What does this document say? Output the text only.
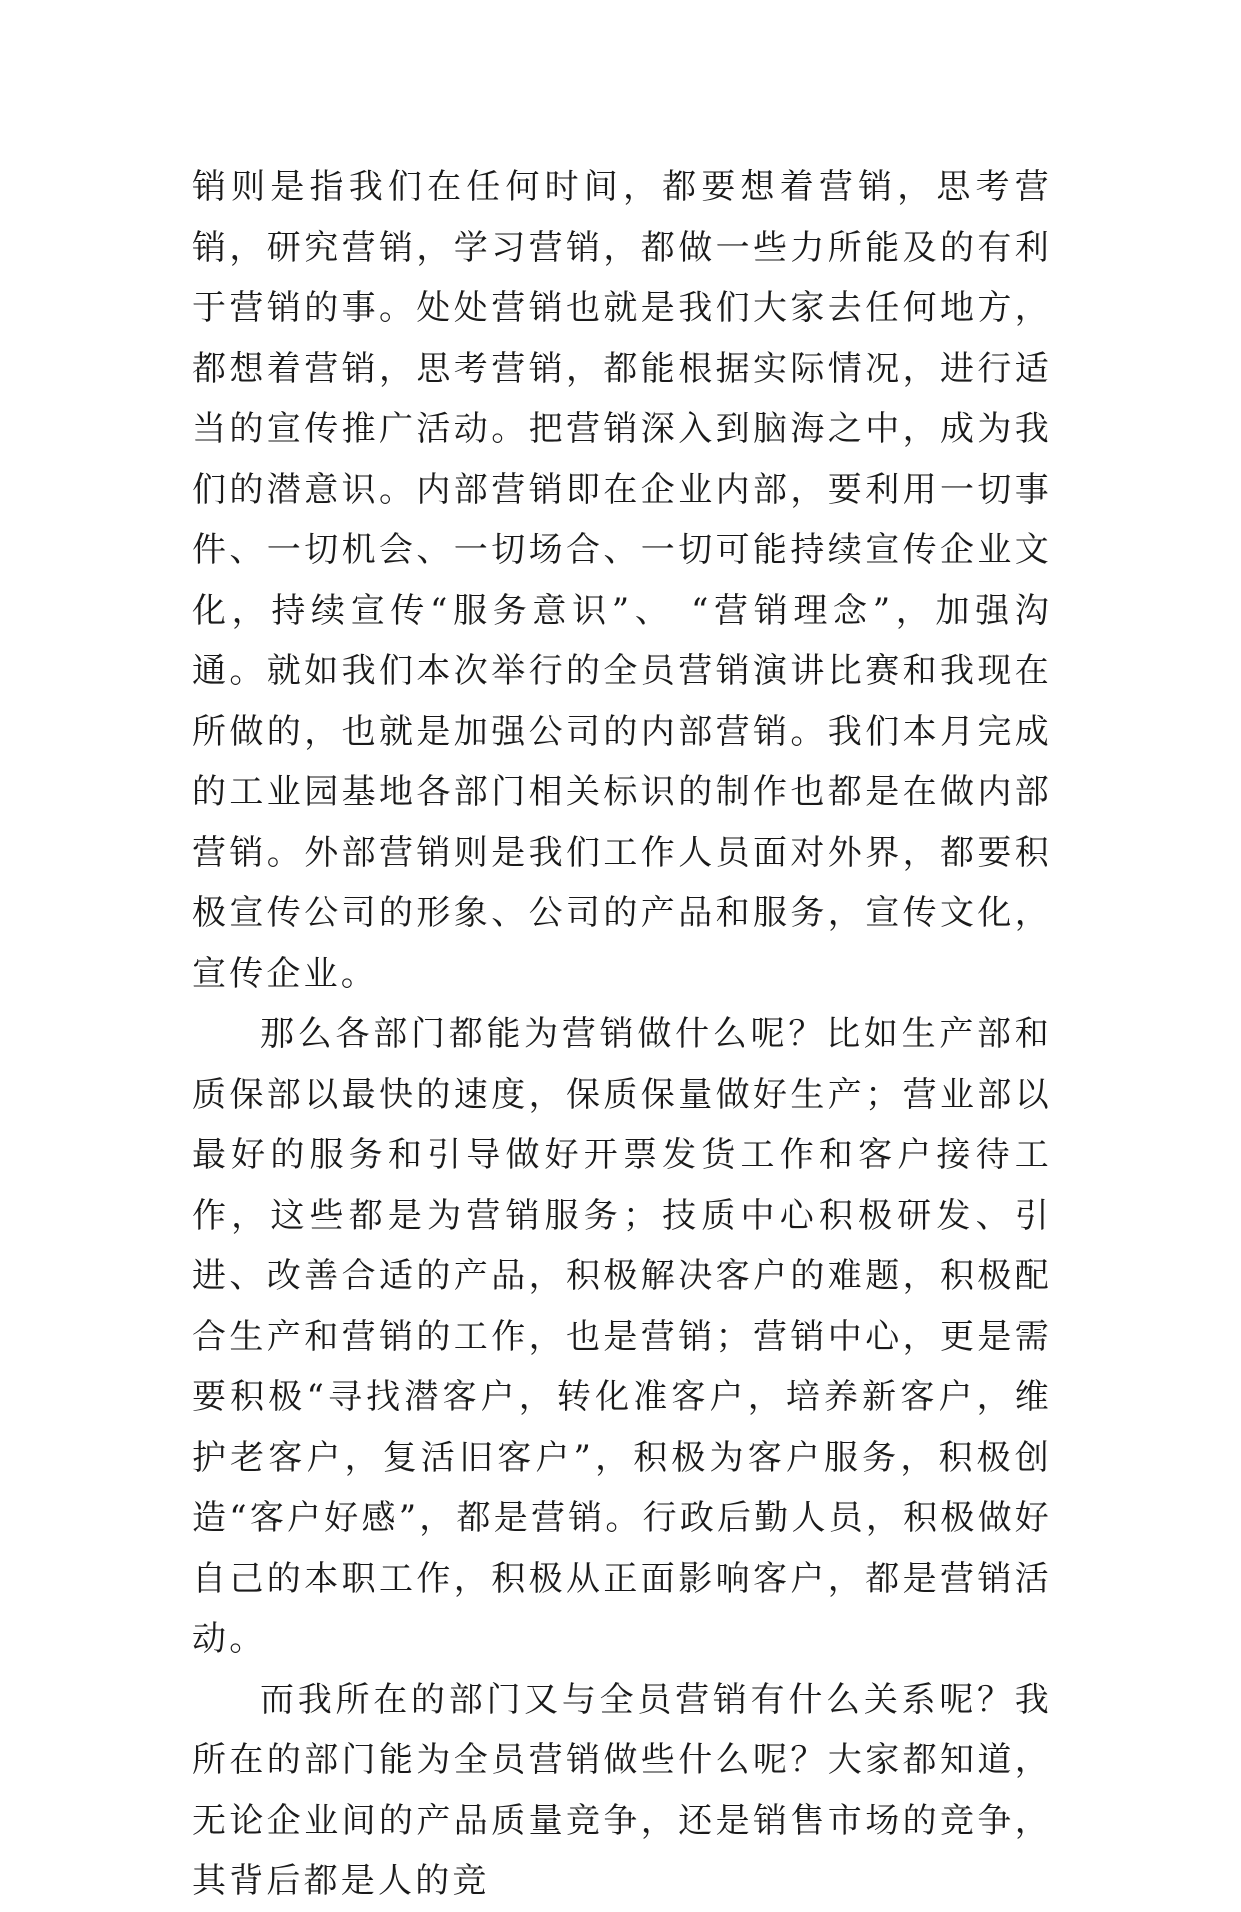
销则是指我们在任何时间，都要想着营销，思考营销，研究营销，学习营销，都做一些力所能及的有利于营销的事。处处营销也就是我们大家去任何地方，都想着营销，思考营销，都能根据实际情况，进行适当的宣传推广活动。把营销深入到脑海之中，成为我们的潜意识。内部营销即在企业内部，要利用一切事件、一切机会、一切场合、一切可能持续宣传企业文化，持续宣传“服务意识”、 “营销理念”，加强沟通。就如我们本次举行的全员营销演讲比赛和我现在所做的，也就是加强公司的内部营销。我们本月完成的工业园基地各部门相关标识的制作也都是在做内部营销。外部营销则是我们工作人员面对外界，都要积极宣传公司的形象、公司的产品和服务，宣传文化，宣传企业。

那么各部门都能为营销做什么呢？比如生产部和质保部以最快的速度，保质保量做好生产；营业部以最好的服务和引导做好开票发货工作和客户接待工作，这些都是为营销服务；技质中心积极研发、引进、改善合适的产品，积极解决客户的难题，积极配合生产和营销的工作，也是营销；营销中心，更是需要积极“寻找潜客户，转化准客户，培养新客户，维护老客户，复活旧客户”，积极为客户服务，积极创造“客户好感”，都是营销。行政后勤人员，积极做好自己的本职工作，积极从正面影响客户，都是营销活动。

而我所在的部门又与全员营销有什么关系呢？我所在的部门能为全员营销做些什么呢？大家都知道，无论企业间的产品质量竞争，还是销售市场的竞争，其背后都是人的竞
